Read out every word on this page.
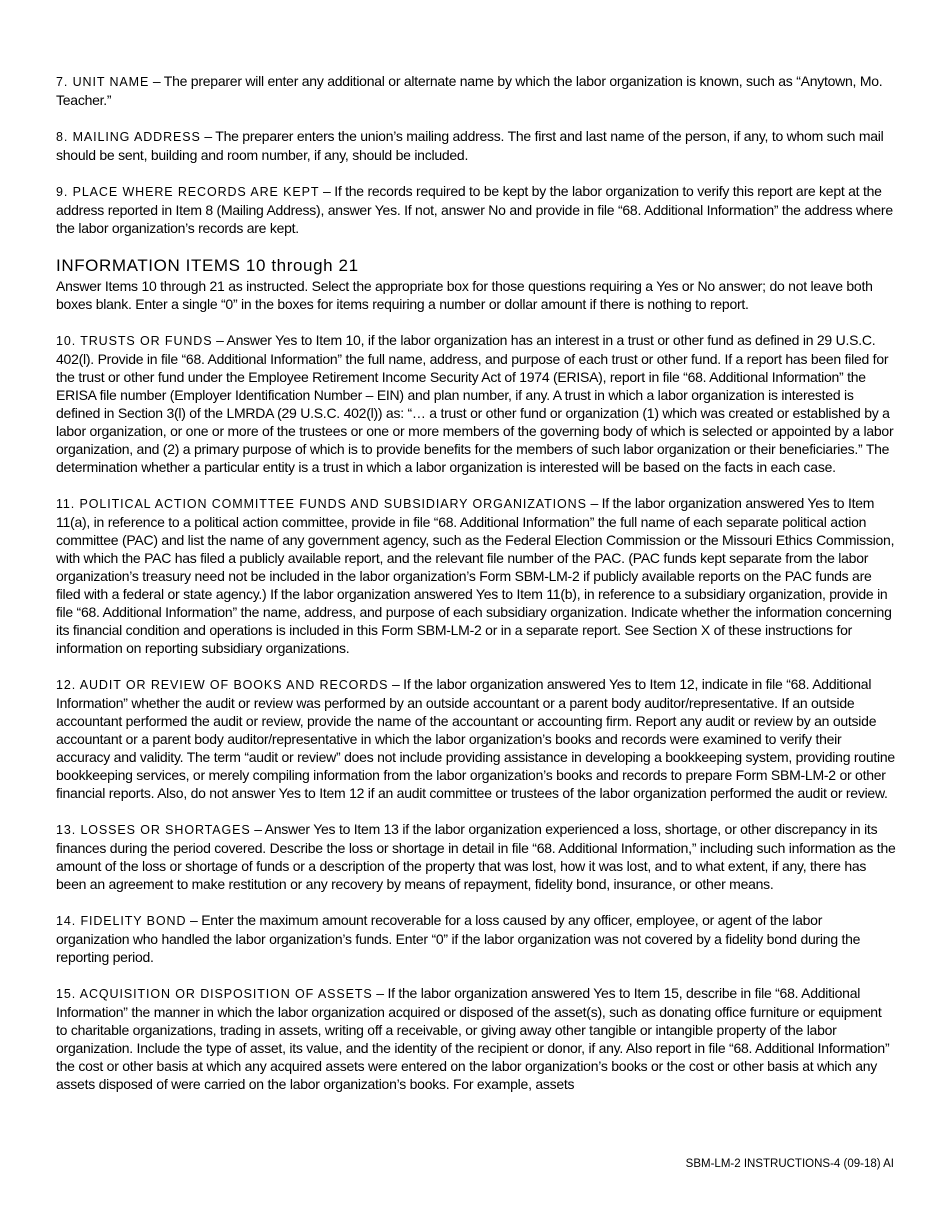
7. UNIT NAME – The preparer will enter any additional or alternate name by which the labor organization is known, such as “Anytown, Mo. Teacher.”

8. MAILING ADDRESS – The preparer enters the union’s mailing address. The first and last name of the person, if any, to whom such mail should be sent, building and room number, if any, should be included.

9. PLACE WHERE RECORDS ARE KEPT – If the records required to be kept by the labor organization to verify this report are kept at the address reported in Item 8 (Mailing Address), answer Yes. If not, answer No and provide in file “68. Additional Information” the address where the labor organization’s records are kept.

INFORMATION ITEMS 10 through 21

Answer Items 10 through 21 as instructed. Select the appropriate box for those questions requiring a Yes or No answer; do not leave both boxes blank. Enter a single “0” in the boxes for items requiring a number or dollar amount if there is nothing to report.

10. TRUSTS OR FUNDS – Answer Yes to Item 10, if the labor organization has an interest in a trust or other fund as defined in 29 U.S.C. 402(l). Provide in file “68. Additional Information” the full name, address, and purpose of each trust or other fund. If a report has been filed for the trust or other fund under the Employee Retirement Income Security Act of 1974 (ERISA), report in file “68. Additional Information” the ERISA file number (Employer Identification Number – EIN) and plan number, if any. A trust in which a labor organization is interested is defined in Section 3(l) of the LMRDA (29 U.S.C. 402(l)) as: “… a trust or other fund or organization (1) which was created or established by a labor organization, or one or more of the trustees or one or more members of the governing body of which is selected or appointed by a labor organization, and (2) a primary purpose of which is to provide benefits for the members of such labor organization or their beneficiaries.” The determination whether a particular entity is a trust in which a labor organization is interested will be based on the facts in each case.

11. POLITICAL ACTION COMMITTEE FUNDS AND SUBSIDIARY ORGANIZATIONS – If the labor organization answered Yes to Item 11(a), in reference to a political action committee, provide in file “68. Additional Information” the full name of each separate political action committee (PAC) and list the name of any government agency, such as the Federal Election Commission or the Missouri Ethics Commission, with which the PAC has filed a publicly available report, and the relevant file number of the PAC. (PAC funds kept separate from the labor organization’s treasury need not be included in the labor organization’s Form SBM-LM-2 if publicly available reports on the PAC funds are filed with a federal or state agency.) If the labor organization answered Yes to Item 11(b), in reference to a subsidiary organization, provide in file “68. Additional Information” the name, address, and purpose of each subsidiary organization. Indicate whether the information concerning its financial condition and operations is included in this Form SBM-LM-2 or in a separate report. See Section X of these instructions for information on reporting subsidiary organizations.

12. AUDIT OR REVIEW OF BOOKS AND RECORDS – If the labor organization answered Yes to Item 12, indicate in file “68. Additional Information” whether the audit or review was performed by an outside accountant or a parent body auditor/representative. If an outside accountant performed the audit or review, provide the name of the accountant or accounting firm. Report any audit or review by an outside accountant or a parent body auditor/representative in which the labor organization’s books and records were examined to verify their accuracy and validity. The term “audit or review” does not include providing assistance in developing a bookkeeping system, providing routine bookkeeping services, or merely compiling information from the labor organization’s books and records to prepare Form SBM-LM-2 or other financial reports. Also, do not answer Yes to Item 12 if an audit committee or trustees of the labor organization performed the audit or review.

13. LOSSES OR SHORTAGES – Answer Yes to Item 13 if the labor organization experienced a loss, shortage, or other discrepancy in its finances during the period covered. Describe the loss or shortage in detail in file “68. Additional Information,” including such information as the amount of the loss or shortage of funds or a description of the property that was lost, how it was lost, and to what extent, if any, there has been an agreement to make restitution or any recovery by means of repayment, fidelity bond, insurance, or other means.

14. FIDELITY BOND – Enter the maximum amount recoverable for a loss caused by any officer, employee, or agent of the labor organization who handled the labor organization’s funds. Enter “0” if the labor organization was not covered by a fidelity bond during the reporting period.

15. ACQUISITION OR DISPOSITION OF ASSETS – If the labor organization answered Yes to Item 15, describe in file “68. Additional Information” the manner in which the labor organization acquired or disposed of the asset(s), such as donating office furniture or equipment to charitable organizations, trading in assets, writing off a receivable, or giving away other tangible or intangible property of the labor organization. Include the type of asset, its value, and the identity of the recipient or donor, if any. Also report in file “68. Additional Information” the cost or other basis at which any acquired assets were entered on the labor organization’s books or the cost or other basis at which any assets disposed of were carried on the labor organization’s books. For example, assets

SBM-LM-2 INSTRUCTIONS-4 (09-18) AI
